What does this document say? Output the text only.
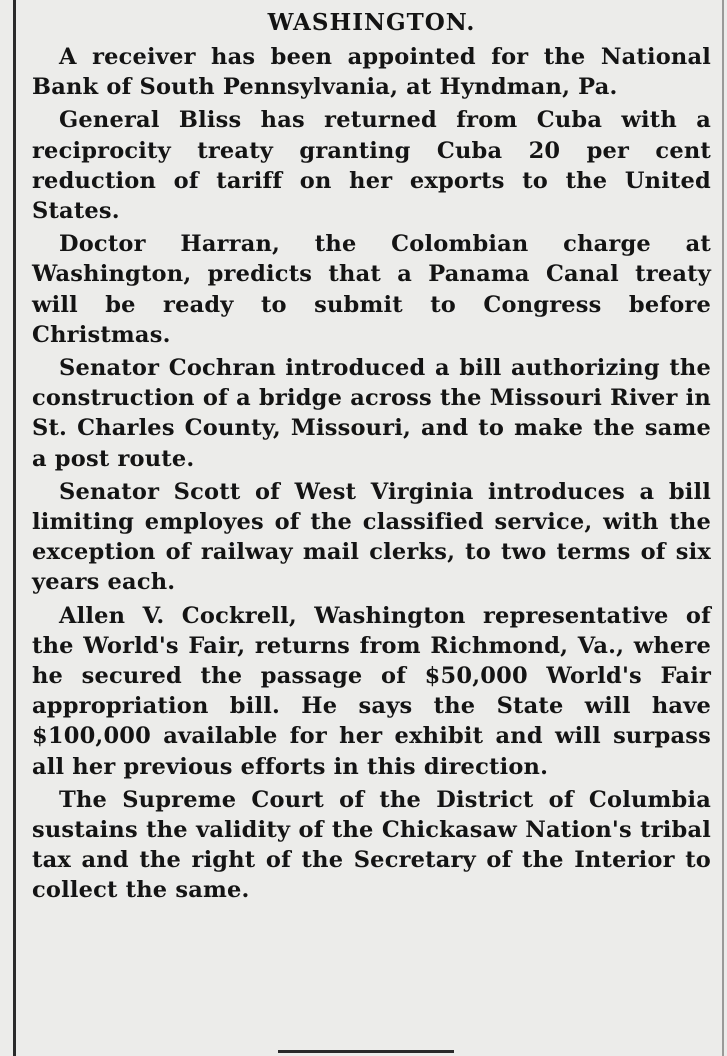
WASHINGTON.

A receiver has been appointed for the National Bank of South Pennsylvania, at Hyndman, Pa.

General Bliss has returned from Cuba with a reciprocity treaty granting Cuba 20 per cent reduction of tariff on her exports to the United States.

Doctor Harran, the Colombian charge at Washington, predicts that a Panama Canal treaty will be ready to submit to Congress before Christmas.

Senator Cochran introduced a bill authorizing the construction of a bridge across the Missouri River in St. Charles County, Missouri, and to make the same a post route.

Senator Scott of West Virginia introduces a bill limiting employes of the classified service, with the exception of railway mail clerks, to two terms of six years each.

Allen V. Cockrell, Washington representative of the World's Fair, returns from Richmond, Va., where he secured the passage of $50,000 World's Fair appropriation bill. He says the State will have $100,000 available for her exhibit and will surpass all her previous efforts in this direction.

The Supreme Court of the District of Columbia sustains the validity of the Chickasaw Nation's tribal tax and the right of the Secretary of the Interior to collect the same.
